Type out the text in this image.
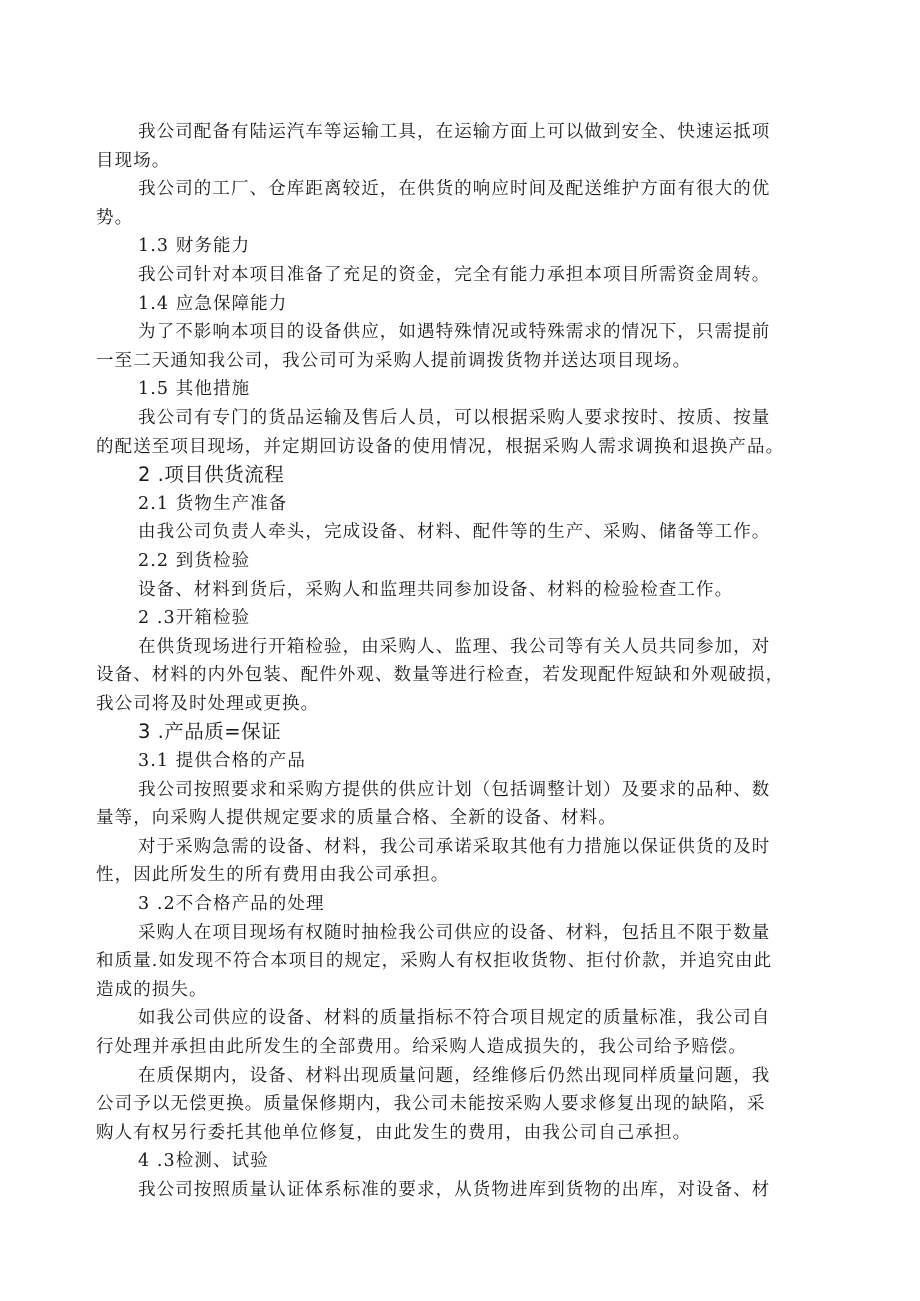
我公司配备有陆运汽车等运输工具，在运输方面上可以做到安全、快速运抵项
目现场。
我公司的工厂、仓库距离较近，在供货的响应时间及配送维护方面有很大的优
势。
1.3 财务能力
我公司针对本项目准备了充足的资金，完全有能力承担本项目所需资金周转。
1.4 应急保障能力
为了不影响本项目的设备供应，如遇特殊情况或特殊需求的情况下，只需提前
一至二天通知我公司，我公司可为采购人提前调拨货物并送达项目现场。
1.5 其他措施
我公司有专门的货品运输及售后人员，可以根据采购人要求按时、按质、按量
的配送至项目现场，并定期回访设备的使用情况，根据采购人需求调换和退换产品。
2 .项目供货流程
2.1 货物生产准备
由我公司负责人牵头，完成设备、材料、配件等的生产、采购、储备等工作。
2.2 到货检验
设备、材料到货后，采购人和监理共同参加设备、材料的检验检查工作。
2 .3开箱检验
在供货现场进行开箱检验，由采购人、监理、我公司等有关人员共同参加，对
设备、材料的内外包装、配件外观、数量等进行检查，若发现配件短缺和外观破损，
我公司将及时处理或更换。
3 .产品质=保证
3.1 提供合格的产品
我公司按照要求和采购方提供的供应计划（包括调整计划）及要求的品种、数
量等，向采购人提供规定要求的质量合格、全新的设备、材料。
对于采购急需的设备、材料，我公司承诺采取其他有力措施以保证供货的及时
性，因此所发生的所有费用由我公司承担。
3 .2不合格产品的处理
采购人在项目现场有权随时抽检我公司供应的设备、材料，包括且不限于数量
和质量.如发现不符合本项目的规定，采购人有权拒收货物、拒付价款，并追究由此
造成的损失。
如我公司供应的设备、材料的质量指标不符合项目规定的质量标准，我公司自
行处理并承担由此所发生的全部费用。给采购人造成损失的，我公司给予赔偿。
在质保期内，设备、材料出现质量问题，经维修后仍然出现同样质量问题，我
公司予以无偿更换。质量保修期内，我公司未能按采购人要求修复出现的缺陷，采
购人有权另行委托其他单位修复，由此发生的费用，由我公司自己承担。
4 .3检测、试验
我公司按照质量认证体系标准的要求，从货物进库到货物的出库，对设备、材
